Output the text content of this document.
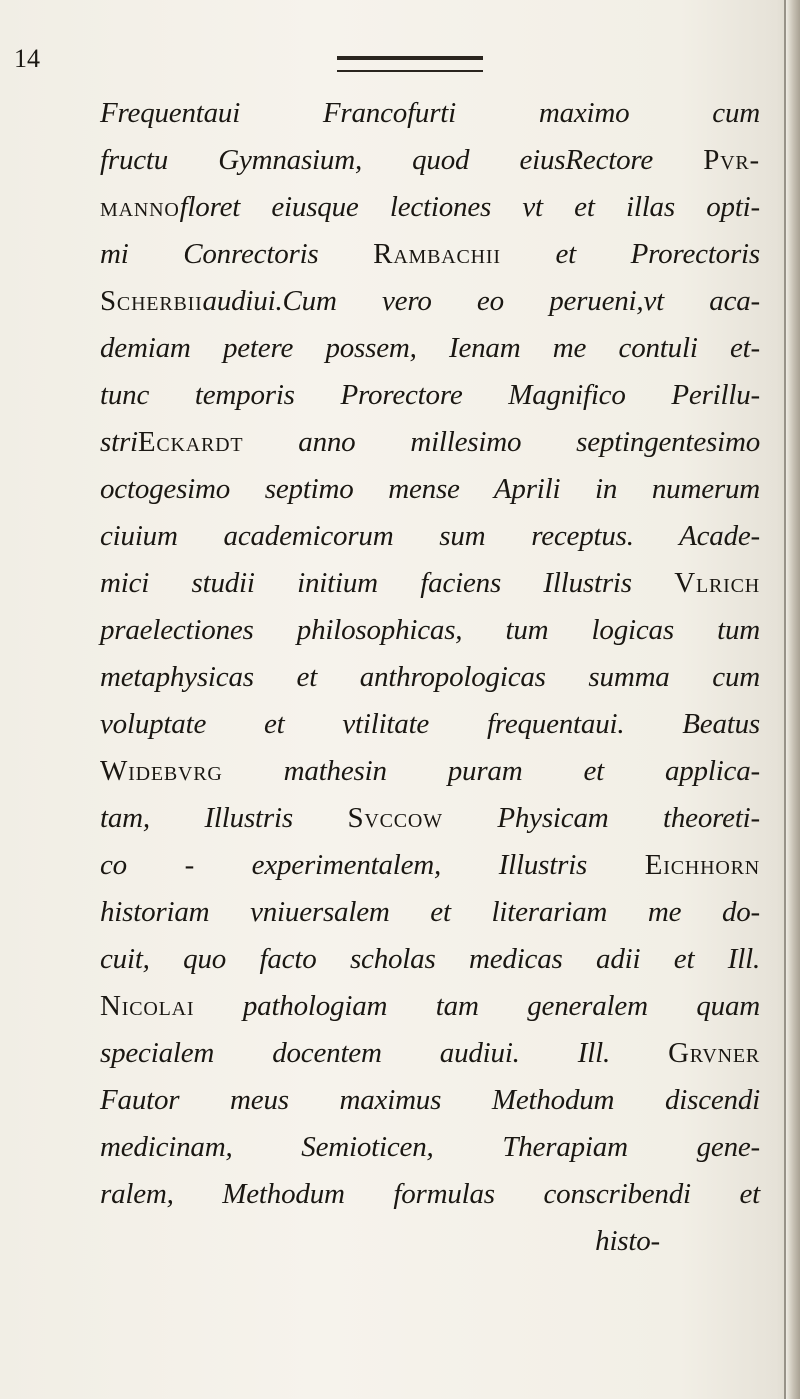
14
Frequentaui Francofurti maximo cum
fructu Gymnasium, quod eiusRectore Pvr-
mannofloret eiusque lectiones vt et illas opti-
mi Conrectoris Rambachii et Prorectoris
Scherbiiaudiui.Cum vero eo perueni,vt aca-
demiam petere possem, Ienam me contuli et-
tunc temporis Prorectore Magnifico Perillu-
striEckardt anno millesimo septingentesimo
octogesimo septimo mense Aprili in numerum
ciuium academicorum sum receptus. Acade-
mici studii initium faciens Illustris Vlrich
praelectiones philosophicas, tum logicas tum
metaphysicas et anthropologicas summa cum
voluptate et vtilitate frequentaui. Beatus
Widebvrg mathesin puram et applica-
tam, Illustris Svccow Physicam theoreti-
co - experimentalem, Illustris Eichhorn
historiam vniuersalem et literariam me do-
cuit, quo facto scholas medicas adii et Ill.
Nicolai pathologiam tam generalem quam
specialem docentem audiui. Ill. Grvner
Fautor meus maximus Methodum discendi
medicinam, Semioticen, Therapiam gene-
ralem, Methodum formulas conscribendi et
histo-
